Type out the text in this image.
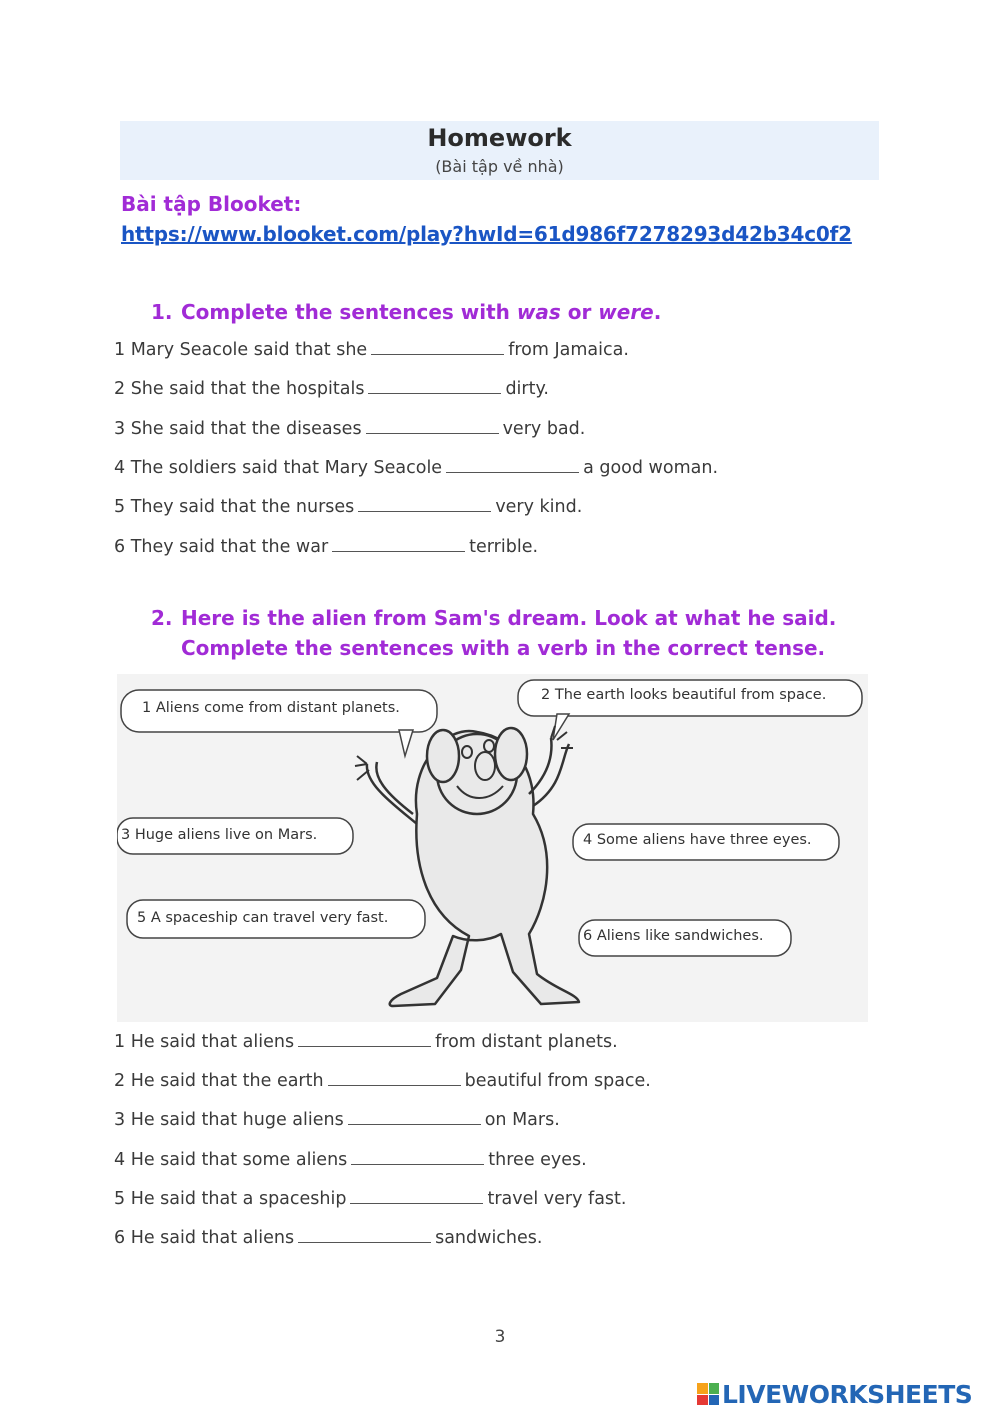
Homework
(Bài tập về nhà)
Bài tập Blooket:
https://www.blooket.com/play?hwId=61d986f7278293d42b34c0f2
1. Complete the sentences with was or were.
1 Mary Seacole said that she	from Jamaica.
2 She said that the hospitals	dirty.
3 She said that the diseases	very bad.
4 The soldiers said that Mary Seacole	a good woman.
5 They said that the nurses	very kind.
6 They said that the war	terrible.
2. Here is the alien from Sam's dream. Look at what he said.
Complete the sentences with a verb in the correct tense.
1 Aliens come from distant planets.
2 The earth looks beautiful from space.
3 Huge aliens live on Mars.	4 Some aliens have three eyes.
5 A spaceship can travel very fast.
6 Aliens like sandwiches.
1 He said that aliens	from distant planets.
2 He said that the earth	beautiful from space.
3 He said that huge aliens	on Mars.
4 He said that some aliens	three eyes.
5 He said that a spaceship	travel very fast.
6 He said that aliens	sandwiches.
3
LIVEWORKSHEETS
